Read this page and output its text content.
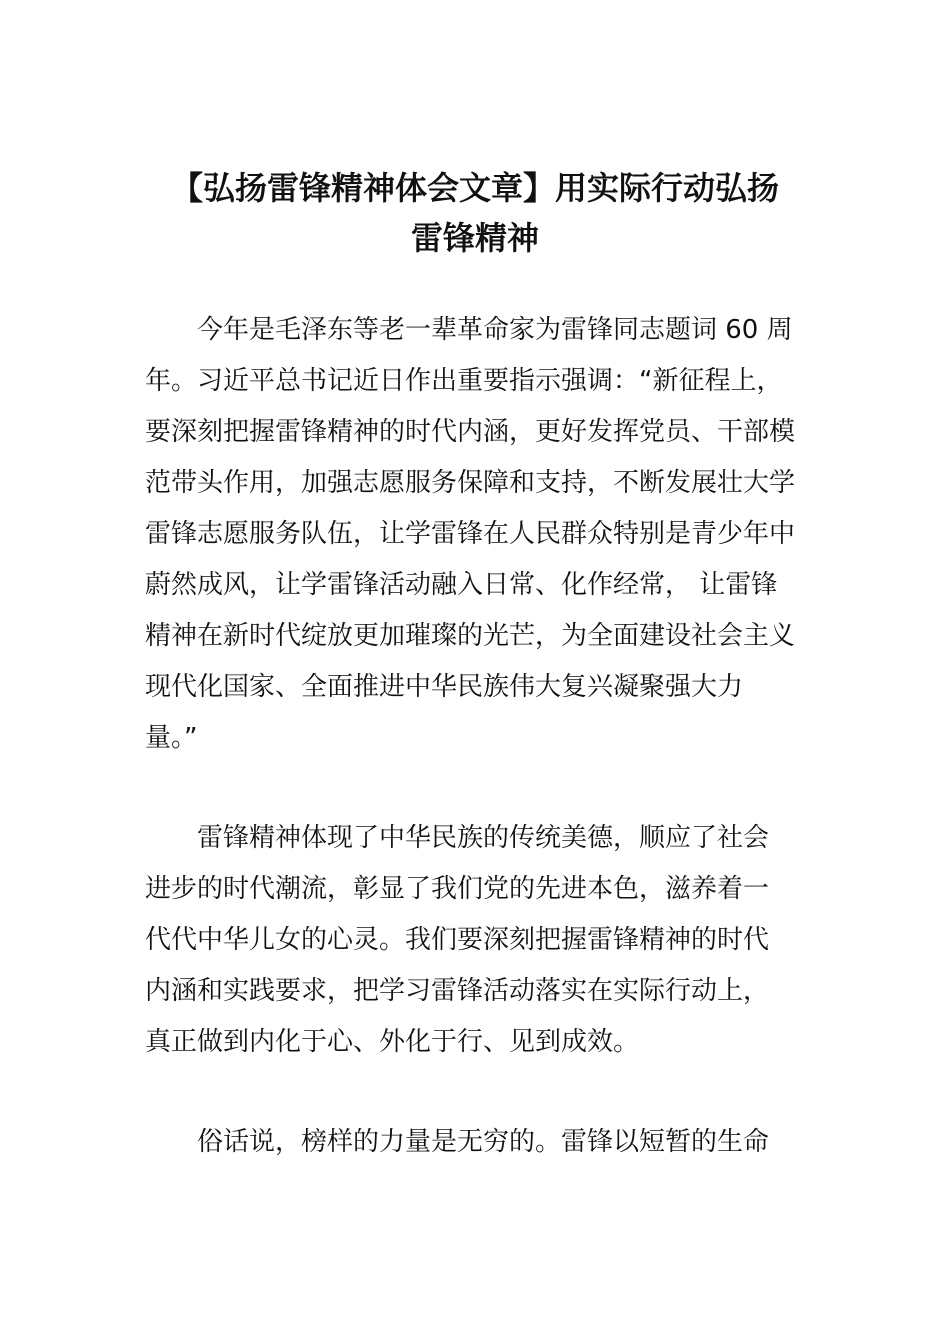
【弘扬雷锋精神体会文章】用实际行动弘扬
雷锋精神

今年是毛泽东等老一辈革命家为雷锋同志题词 60 周
年。习近平总书记近日作出重要指示强调：“新征程上，
要深刻把握雷锋精神的时代内涵，更好发挥党员、干部模
范带头作用，加强志愿服务保障和支持，不断发展壮大学
雷锋志愿服务队伍，让学雷锋在人民群众特别是青少年中
蔚然成风，让学雷锋活动融入日常、化作经常， 让雷锋
精神在新时代绽放更加璀璨的光芒，为全面建设社会主义
现代化国家、全面推进中华民族伟大复兴凝聚强大力
量。”

雷锋精神体现了中华民族的传统美德，顺应了社会
进步的时代潮流，彰显了我们党的先进本色，滋养着一
代代中华儿女的心灵。我们要深刻把握雷锋精神的时代
内涵和实践要求，把学习雷锋活动落实在实际行动上，
真正做到内化于心、外化于行、见到成效。

俗话说，榜样的力量是无穷的。雷锋以短暂的生命
